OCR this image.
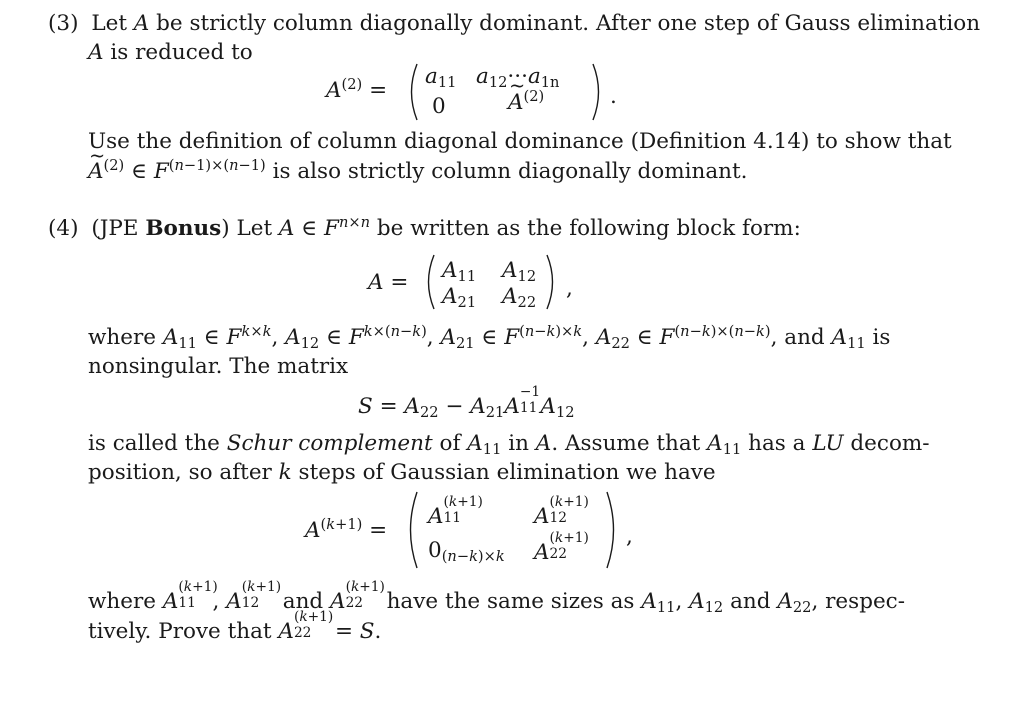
(3) Let A be strictly column diagonally dominant. After one step of Gauss elimination
A is reduced to
$A^{(2)}$ =
$a_{11}$ $a_{12}\cdot\cdot\cdot a_{1n}$
0
~	$A^{(2)}$	.
Use the definition of column diagonal dominance (Definition 4.14) to show that
~ $A^{(2)}$ ∈ $F^{(n-1)\times(n-1)}$ is also strictly column diagonally dominant.
(4) (JPE Bonus) Let A ∈ $F^{n\times n}$ be written as the following block form:
$A = A_{11}$ $A_{12}$
$A_{21}$ $A_{22}$
,
where $A_{11}$ ∈ $F^{k\times k}$, $A_{12}$ ∈ $F^{k\times(n-k)}$, $A_{21}$ ∈ $F^{(n-k)\times k}$, $A_{22}$ ∈ $F^{(n-k)\times(n-k)}$, and $A_{11}$ is
nonsingular. The matrix
$S = A_{22} - A_{21}A$
−1
11 $A_{12}$
is called the Schur complement of $A_{11}$ in A. Assume that $A_{11}$ has a LU decom-
position, so after k steps of Gaussian elimination we have
$A^{(k+1)}$ =
A
(k+1)
11
	A
(k+1)
12

$0_{(n-k)\times k}$ A
(k+1)
22

,
where A
(k+1)
11 , A
(k+1)
12 and A
(k+1)
22 have the same sizes as $A_{11}$, $A_{12}$ and $A_{22}$, respec-
tively. Prove that A
(k+1)
22 = S.
